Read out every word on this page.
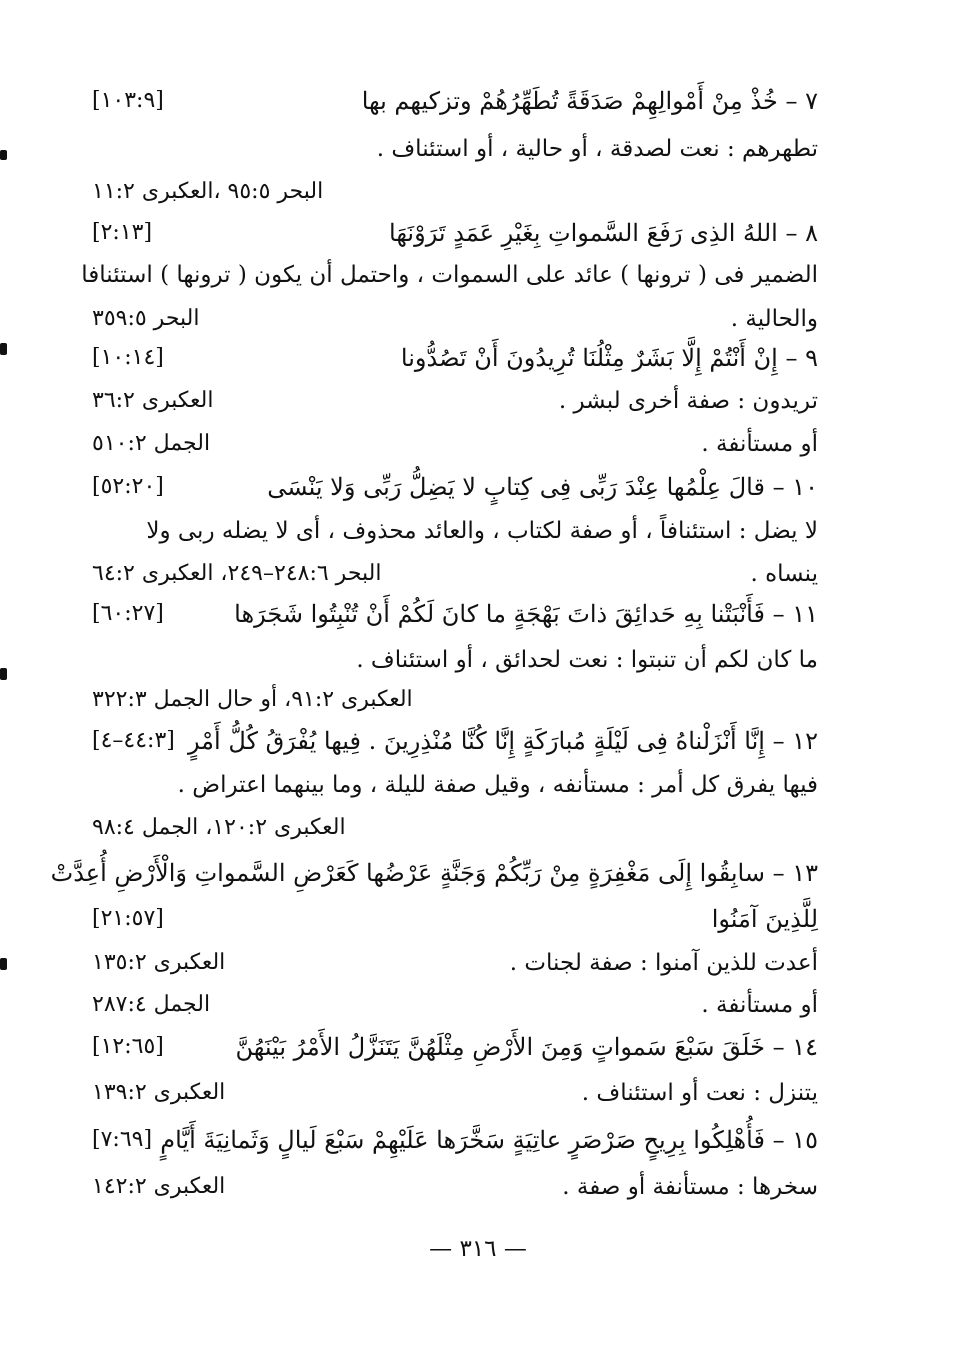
٧ – خُذْ مِنْ أَمْوالِهِمْ صَدَقَةً تُطَهِّرُهُمْ وتزكيهم بها
[١٠٣:٩]
تطهرهم : نعت لصدقة ، أو حالية ، أو استئناف .
البحر ٩٥:٥ ،العكبرى ١١:٢
٨ – اللهُ الذِى رَفَعَ السَّمواتِ بِغَيْرِ عَمَدٍ تَرَوْنَهَا
[٢:١٣]
الضمير فى ( ترونها ) عائد على السموات ، واحتمل أن يكون ( ترونها ) استئنافا
والحالية .
البحر ٣٥٩:٥
٩ – إِنْ أَنْتُمْ إِلَّا بَشَرٌ مِثْلُنَا تُرِيدُونَ أَنْ تَصُدُّونا
[١٠:١٤]
تريدون : صفة أخرى لبشر .
العكبرى ٣٦:٢
أو مستأنفة .
الجمل ٥١٠:٢
١٠ – قالَ عِلْمُها عِنْدَ رَبِّى فِى كِتابٍ لا يَضِلُّ رَبِّى وَلا يَنْسَى
[٥٢:٢٠]
لا يضل : استئنافاً ، أو صفة لكتاب ، والعائد محذوف ، أى لا يضله ربى ولا
ينساه .
البحر ٢٤٨:٦–٢٤٩، العكبرى ٦٤:٢
١١ – فَأَنْبَتْنا بِهِ حَدائِقَ ذاتَ بَهْجَةٍ ما كانَ لَكُمْ أَنْ تُنْبِتُوا شَجَرَها
[٦٠:٢٧]
ما كان لكم أن تنبتوا : نعت لحدائق ، أو استئناف .
العكبرى ٩١:٢، أو حال الجمل ٣٢٢:٣
١٢ – إِنَّا أَنْزَلْناهُ فِى لَيْلَةٍ مُبارَكَةٍ إِنَّا كُنَّا مُنْذِرِينَ . فِيها يُفْرَقُ كُلُّ أَمْرٍ
[٤٤:٣–٤]
فيها يفرق كل أمر : مستأنفه ، وقيل صفة لليلة ، وما بينهما اعتراض .
العكبرى ١٢٠:٢، الجمل ٩٨:٤
١٣ – سابِقُوا إِلَى مَغْفِرَةٍ مِنْ رَبِّكُمْ وَجَنَّةٍ عَرْضُها كَعَرْضِ السَّمواتِ وَالْأَرْضِ أُعِدَّتْ
لِلَّذِينَ آمَنُوا
[٢١:٥٧]
أعدت للذين آمنوا : صفة لجنات .
العكبرى ١٣٥:٢
أو مستأنفة .
الجمل ٢٨٧:٤
١٤ – خَلَقَ سَبْعَ سَمواتٍ وَمِنَ الأَرْضِ مِثْلَهُنَّ يَتَنَزَّلُ الأَمْرُ بَيْنَهُنَّ
[١٢:٦٥]
يتنزل : نعت أو استئناف .
العكبرى ١٣٩:٢
١٥ – فَأُهْلِكُوا بِرِيحٍ صَرْصَرٍ عاتِيَةٍ سَخَّرَها عَلَيْهِمْ سَبْعَ لَيالٍ وَثَمانِيَةَ أَيَّامٍ
[٧:٦٩]
سخرها : مستأنفة أو صفة .
العكبرى ١٤٢:٢
— ٣١٦ —
